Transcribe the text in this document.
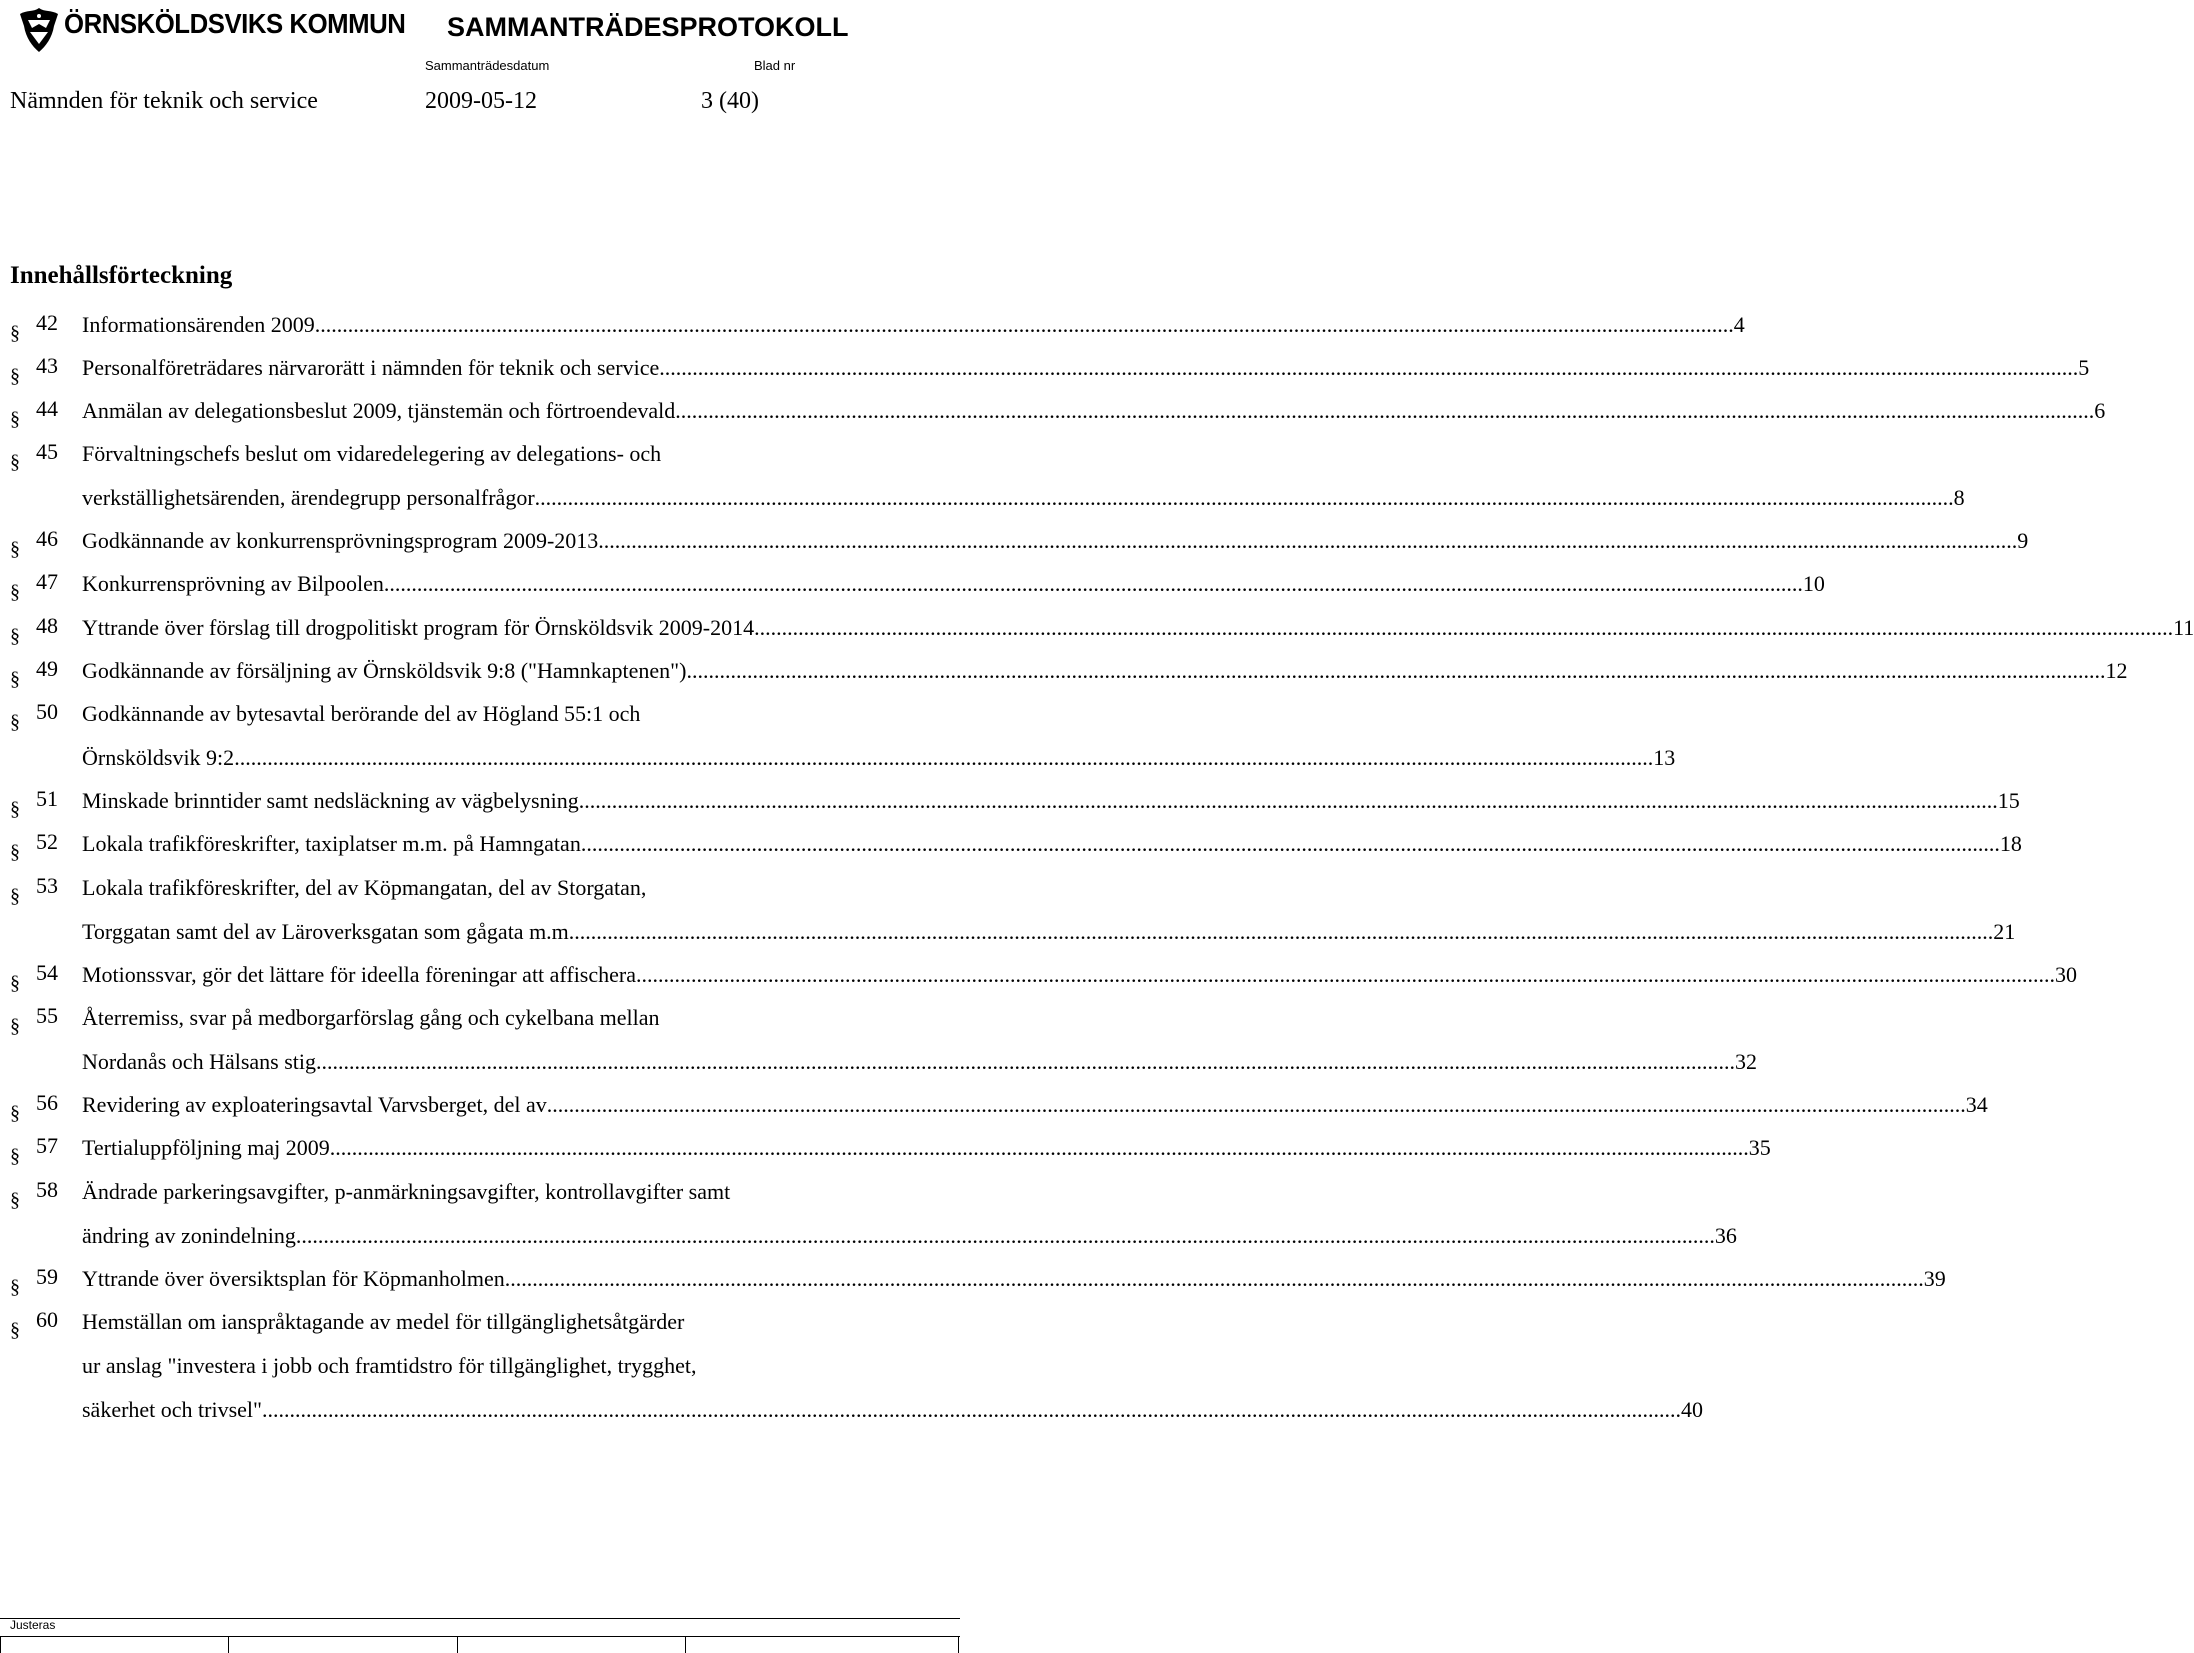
ÖRNSKÖLDSVIKS KOMMUN SAMMANTRÄDESPROTOKOLL
Sammanträdesdatum	Blad nr
Nämnden för teknik och service	2009-05-12	3 (40)
Innehållsförteckning
§ 42 Informationsärenden 2009 .................................................................................................................................................................................................................................................................. 4
§ 43 Personalföreträdares närvarorätt i nämnden för teknik och service .................................................................................................................................................................................................................................................................. 5
§ 44 Anmälan av delegationsbeslut 2009, tjänstemän och förtroendevald .................................................................................................................................................................................................................................................................. 6
§ 45 Förvaltningschefs beslut om vidaredelegering av delegations- och
verkställighetsärenden, ärendegrupp personalfrågor .................................................................................................................................................................................................................................................................. 8
§ 46 Godkännande av konkurrensprövningsprogram 2009-2013 .................................................................................................................................................................................................................................................................. 9
§ 47 Konkurrensprövning av Bilpoolen .................................................................................................................................................................................................................................................................. 10
§ 48 Yttrande över förslag till drogpolitiskt program för Örnsköldsvik 2009-2014 .................................................................................................................................................................................................................................................................. 11
§ 49 Godkännande av försäljning av Örnsköldsvik 9:8 ("Hamnkaptenen") .................................................................................................................................................................................................................................................................. 12
§ 50 Godkännande av bytesavtal berörande del av Högland 55:1 och
Örnsköldsvik 9:2 .................................................................................................................................................................................................................................................................. 13
§ 51 Minskade brinntider samt nedsläckning av vägbelysning .................................................................................................................................................................................................................................................................. 15
§ 52 Lokala trafikföreskrifter, taxiplatser m.m. på Hamngatan .................................................................................................................................................................................................................................................................. 18
§ 53 Lokala trafikföreskrifter, del av Köpmangatan, del av Storgatan,
Torggatan samt del av Läroverksgatan som gågata m.m. .................................................................................................................................................................................................................................................................. 21
§ 54 Motionssvar, gör det lättare för ideella föreningar att affischera .................................................................................................................................................................................................................................................................. 30
§ 55 Återremiss, svar på medborgarförslag gång och cykelbana mellan
Nordanås och Hälsans stig .................................................................................................................................................................................................................................................................. 32
§ 56 Revidering av exploateringsavtal Varvsberget, del av .................................................................................................................................................................................................................................................................. 34
§ 57 Tertialuppföljning maj 2009 .................................................................................................................................................................................................................................................................. 35
§ 58 Ändrade parkeringsavgifter, p-anmärkningsavgifter, kontrollavgifter samt
ändring av zonindelning .................................................................................................................................................................................................................................................................. 36
§ 59 Yttrande över översiktsplan för Köpmanholmen .................................................................................................................................................................................................................................................................. 39
§ 60 Hemställan om ianspråktagande av medel för tillgänglighetsåtgärder
ur anslag "investera i jobb och framtidstro för tillgänglighet, trygghet,
säkerhet och trivsel" .................................................................................................................................................................................................................................................................. 40
Justeras
